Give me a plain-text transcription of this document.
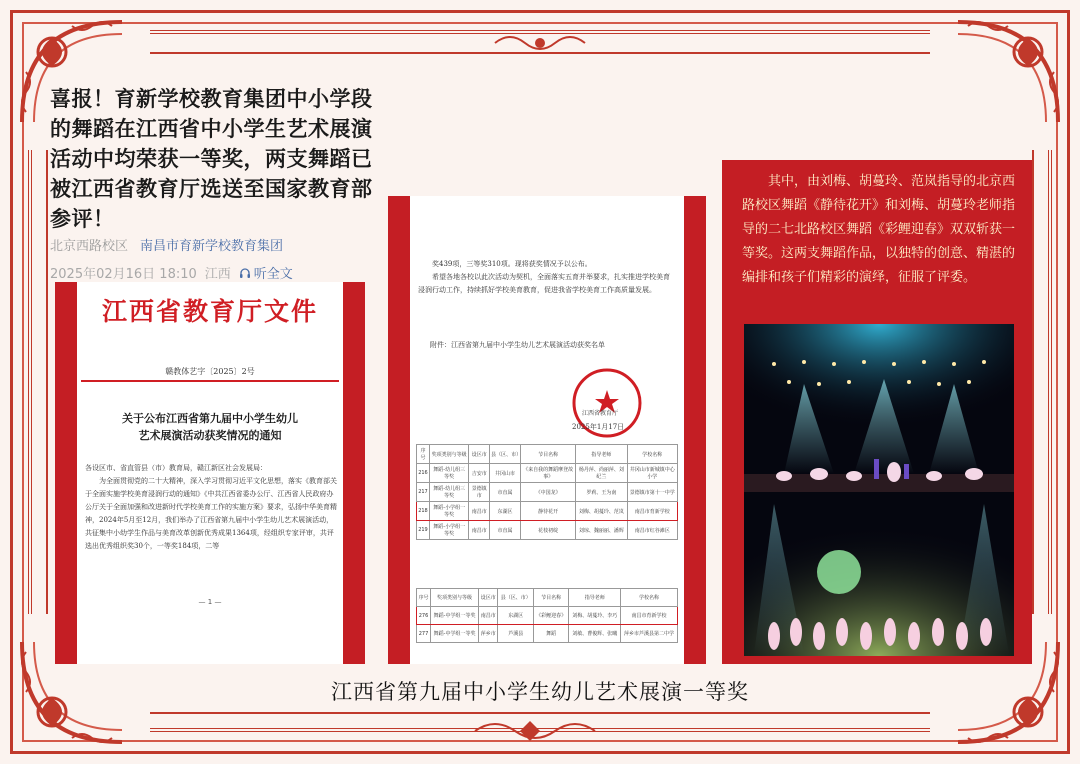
喜报！育新学校教育集团中小学段的舞蹈在江西省中小学生艺术展演活动中均荣获一等奖，两支舞蹈已被江西省教育厅选送至国家教育部参评！
北京西路校区 南昌市育新学校教育集团
2025年02月16日 18:10 江西 听全文
江西省教育厅文件
赣教体艺字〔2025〕2号
关于公布江西省第九届中小学生幼儿
艺术展演活动获奖情况的通知

各设区市、省直管县（市）教育局，赣江新区社会发展局：

为全面贯彻党的二十大精神，深入学习贯彻习近平文化思想，落实《教育部关于全面实施学校美育浸润行动的通知》《中共江西省委办公厅、江西省人民政府办公厅关于全面加强和改进新时代学校美育工作的实施方案》要求，弘扬中华美育精神，2024年5月至12月，我们举办了江西省第九届中小学生幼儿艺术展演活动，共征集中小幼学生作品与美育改革创新优秀成果1364项，经组织专家评审，共评选出优秀组织奖30个，一等奖184项，二等

— 1 —

奖439项，三等奖310项。现将获奖情况予以公布。

希望各地各校以此次活动为契机，全面落实五育并举要求，扎实推进学校美育浸润行动工作，持续抓好学校美育教育，促进我省学校美育工作高质量发展。

附件：江西省第九届中小学生幼儿艺术展演活动获奖名单
江西省教育厅
2025年1月17日
序号	奖项类别与等级	设区市	县（区、市）	节目名称	指导老师	学校名称
216	舞蹈-幼儿组三等奖	吉安市	井冈山市	《来自我的舞蹈摩登故事》	杨丹萍、尚丽萍、刘纪兰	井冈山市新城镇中心小学
217	舞蹈-幼儿组三等奖	景德镇市	市直属	《中国龙》	罗莉、王为南	景德镇市第十一中学
218	舞蹈-小学组一等奖	南昌市	东湖区	静待花开	刘梅、胡蔓玲、范岚	南昌市育新学校
219	舞蹈-小学组一等奖	南昌市	市直属	花枝初绽	刘琼、魏丽丽、潘辉	南昌市红谷滩区
序号	奖项类别与等级	设区市	县（区、市）	节目名称	指导老师	学校名称
276	舞蹈-中学组一等奖	南昌市	东湖区	《彩鲤迎春》	刘梅、胡蔓玲、李巧	南昌市育新学校
277	舞蹈-中学组一等奖	萍乡市	芦溪县	舞蹈	刘敏、曹俊辉、张曦	萍乡市芦溪县第二中学

其中，由刘梅、胡蔓玲、范岚指导的北京西路校区舞蹈《静待花开》和刘梅、胡蔓玲老师指导的二七北路校区舞蹈《彩鲤迎春》双双斩获一等奖。这两支舞蹈作品，以独特的创意、精湛的编排和孩子们精彩的演绎，征服了评委。

江西省第九届中小学生幼儿艺术展演一等奖
